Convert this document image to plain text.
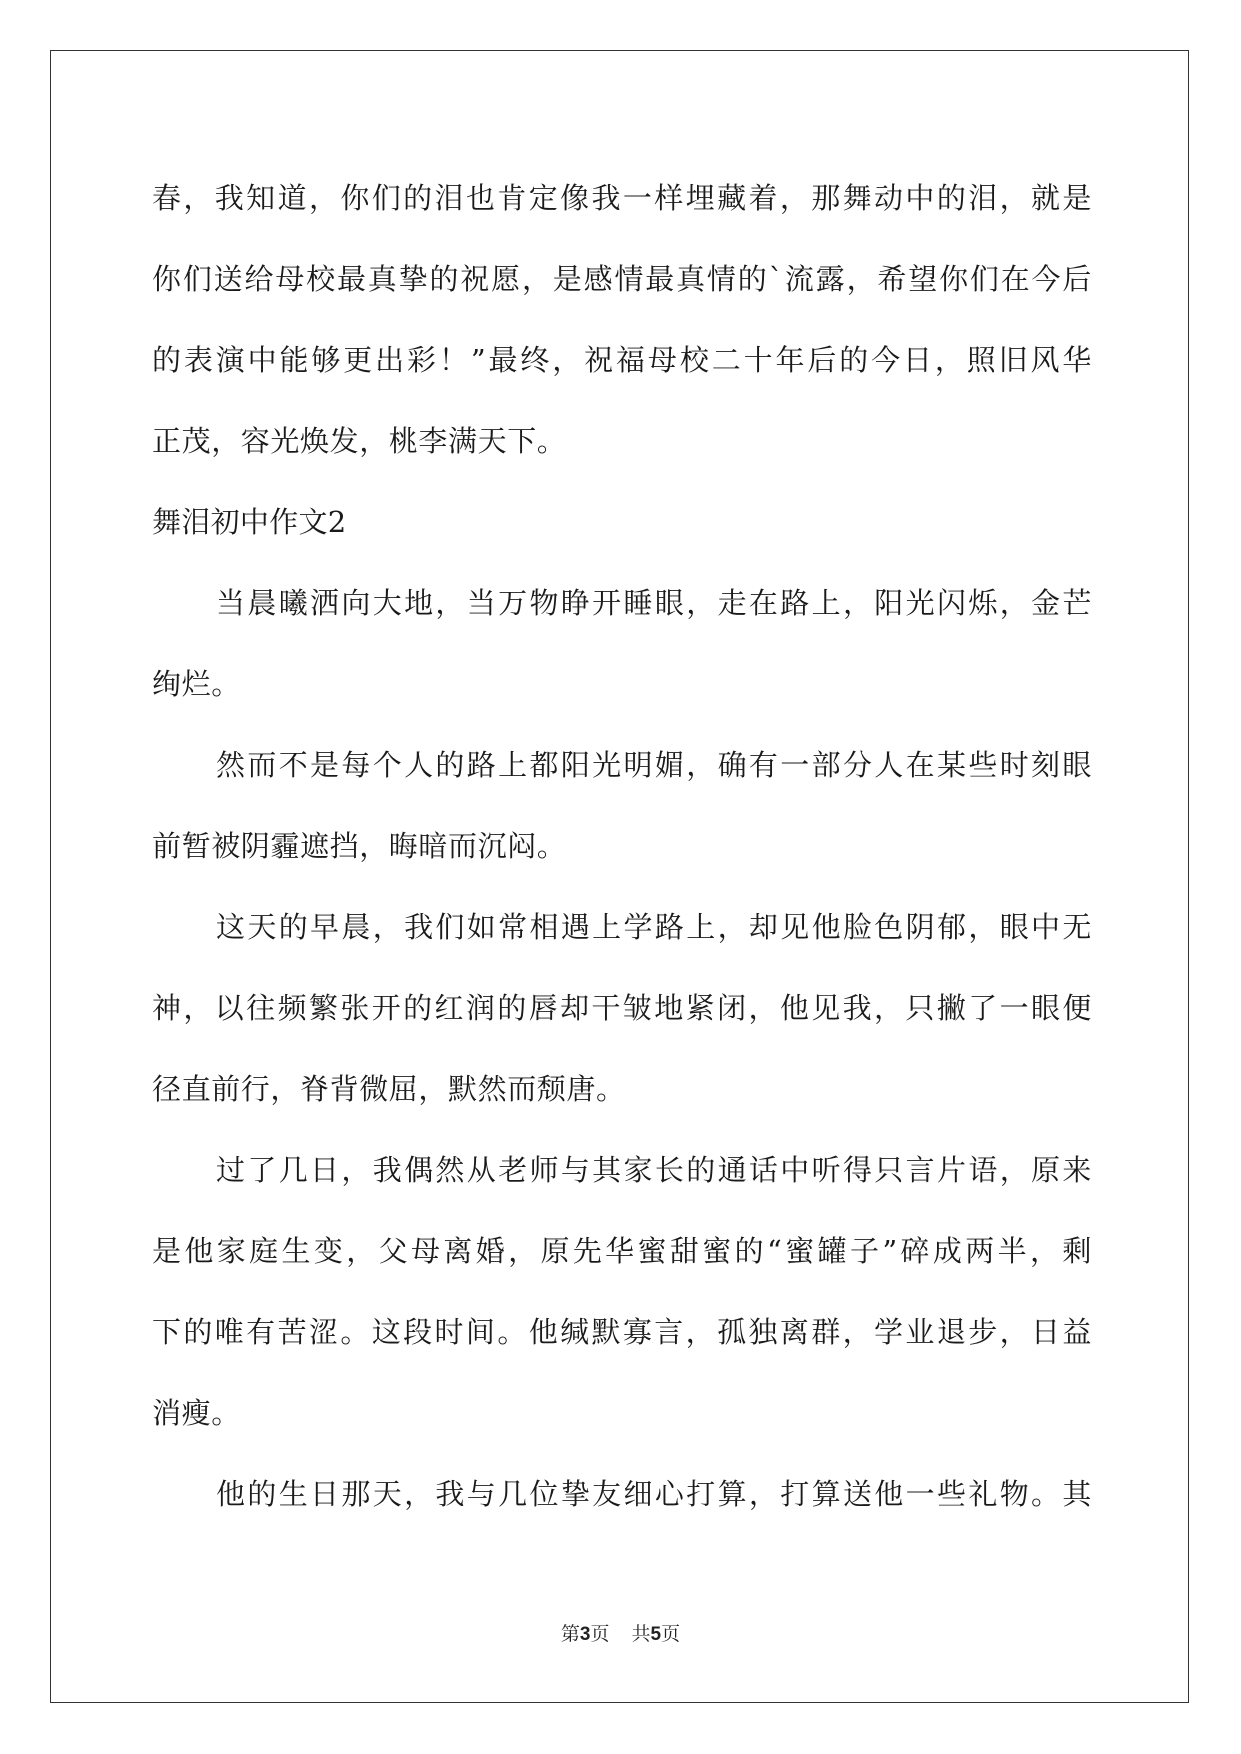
春，我知道，你们的泪也肯定像我一样埋藏着，那舞动中的泪，就是
你们送给母校最真挚的祝愿，是感情最真情的`流露，希望你们在今后
的表演中能够更出彩！”最终，祝福母校二十年后的今日，照旧风华
正茂，容光焕发，桃李满天下。
舞泪初中作文2
当晨曦洒向大地，当万物睁开睡眼，走在路上，阳光闪烁，金芒
绚烂。
然而不是每个人的路上都阳光明媚，确有一部分人在某些时刻眼
前暂被阴霾遮挡，晦暗而沉闷。
这天的早晨，我们如常相遇上学路上，却见他脸色阴郁，眼中无
神，以往频繁张开的红润的唇却干皱地紧闭，他见我，只撇了一眼便
径直前行，脊背微屈，默然而颓唐。
过了几日，我偶然从老师与其家长的通话中听得只言片语，原来
是他家庭生变，父母离婚，原先华蜜甜蜜的“蜜罐子”碎成两半，剩
下的唯有苦涩。这段时间。他缄默寡言，孤独离群，学业退步，日益
消瘦。
他的生日那天，我与几位挚友细心打算，打算送他一些礼物。其
第3页 共5页
